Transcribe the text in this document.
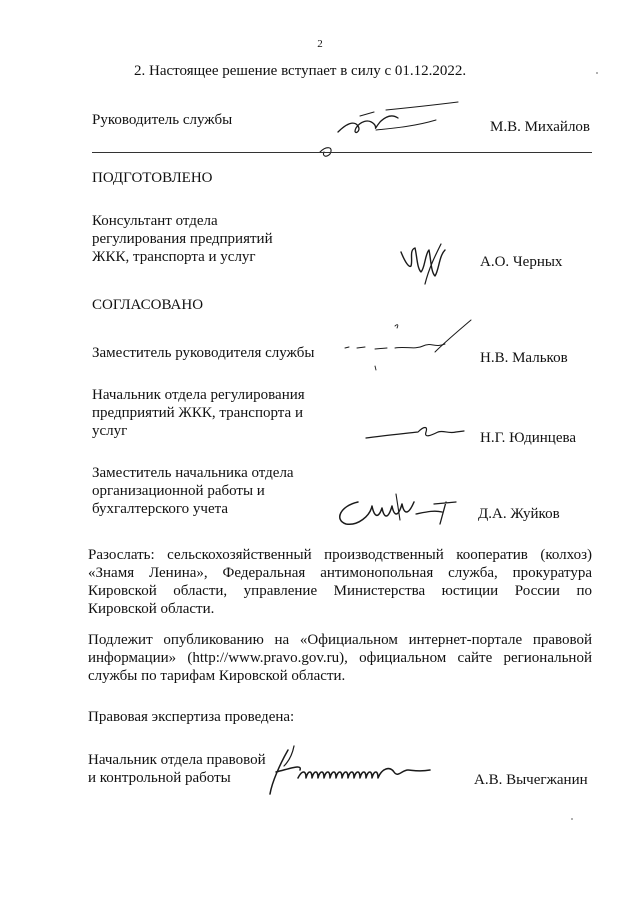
2
2. Настоящее решение вступает в силу с 01.12.2022.
Руководитель службы	М.В. Михайлов
ПОДГОТОВЛЕНО
Консультант отдела
регулирования предприятий
ЖКК, транспорта и услуг	А.О. Черных
СОГЛАСОВАНО
Заместитель руководителя службы	Н.В. Мальков
Начальник отдела регулирования
предприятий ЖКК, транспорта и
услуг	Н.Г. Юдинцева
Заместитель начальника отдела
организационной работы и
бухгалтерского учета	Д.А. Жуйков
Разослать: сельскохозяйственный производственный кооператив (колхоз)
«Знамя Ленина», Федеральная антимонопольная служба, прокуратура
Кировской области, управление Министерства юстиции России по
Кировской области.
Подлежит опубликованию на «Официальном интернет-портале правовой
информации» (http://www.pravo.gov.ru), официальном сайте региональной
службы по тарифам Кировской области.
Правовая экспертиза проведена:
Начальник отдела правовой
и контрольной работы	А.В. Вычегжанин
